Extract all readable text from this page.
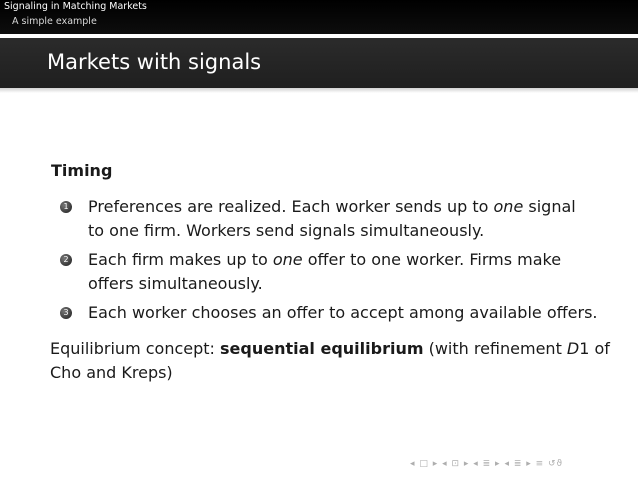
Signaling in Matching Markets
A simple example
Markets with signals
Timing
1 Preferences are realized. Each worker sends up to one signal to one firm. Workers send signals simultaneously.
2 Each firm makes up to one offer to one worker. Firms make offers simultaneously.
3 Each worker chooses an offer to accept among available offers.
Equilibrium concept: sequential equilibrium (with refinement D1 of Cho and Kreps)
◂ □ ▸ ◂ ⊡ ▸ ◂ ≣ ▸ ◂ ≣ ▸ ≡ ↺ϑ
